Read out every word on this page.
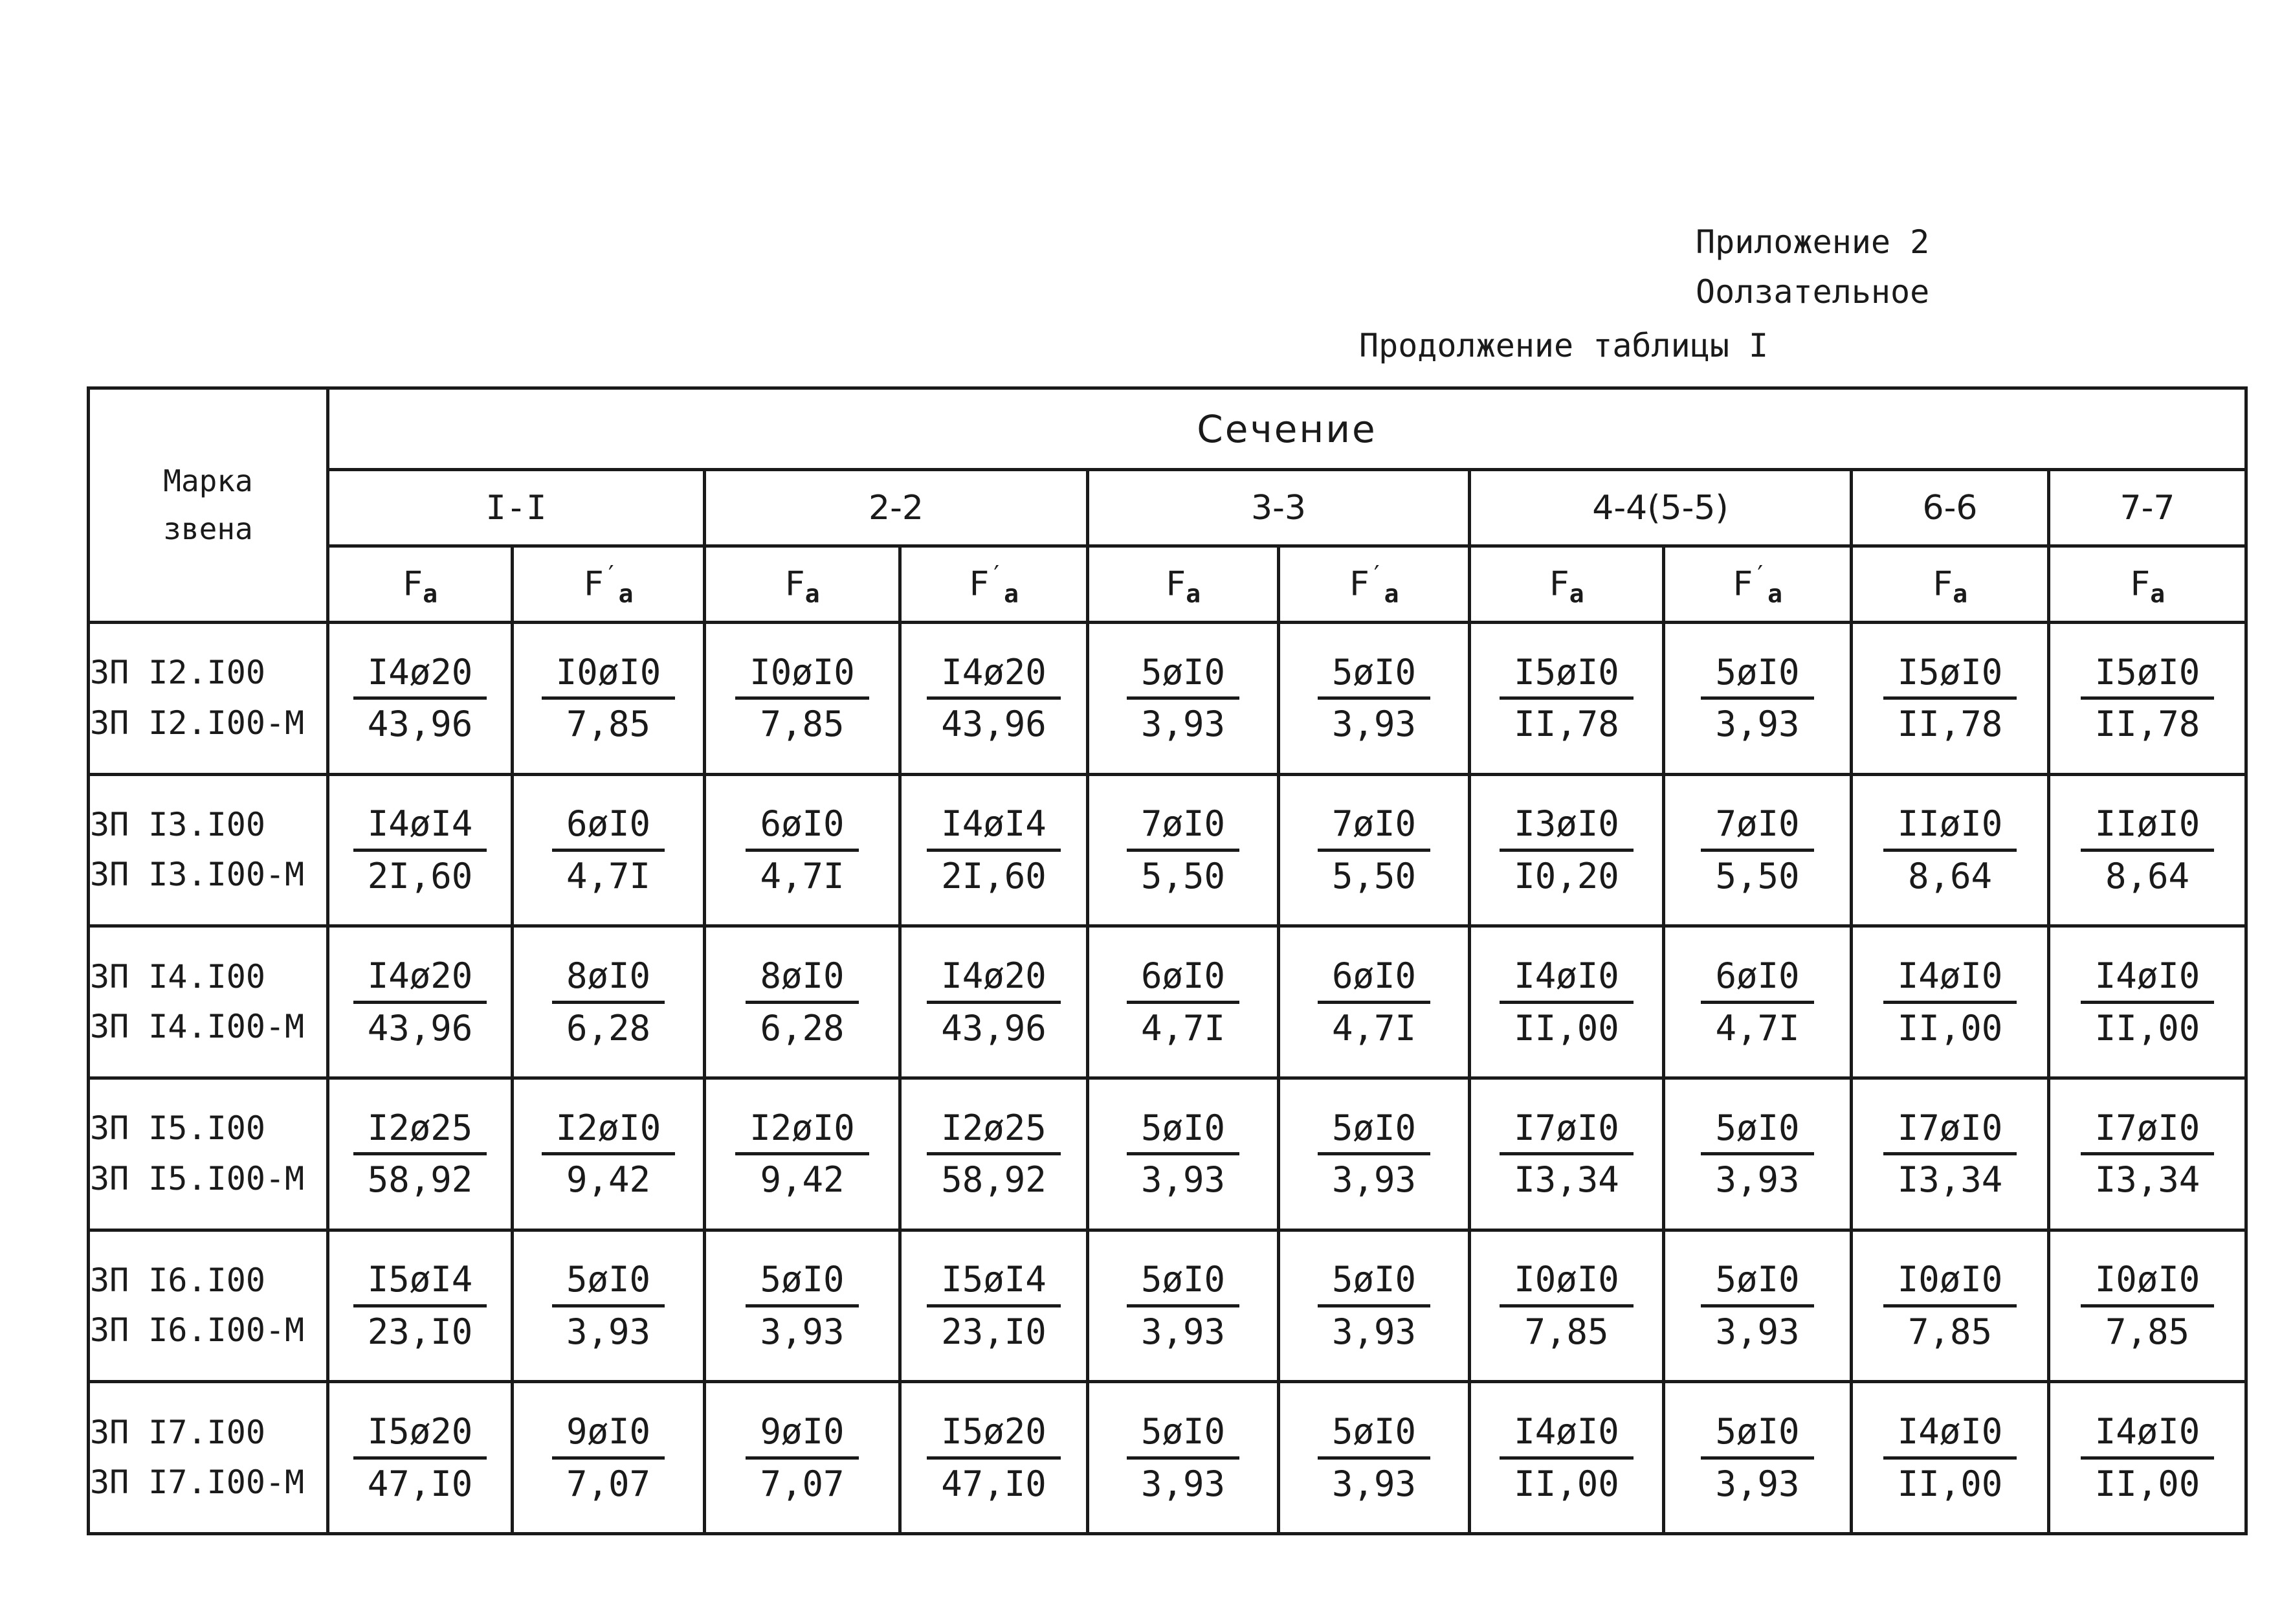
Приложение 2
Оолзательное
Продолжение таблицы I
Марка
звена	Сечение									
	I-I		2-2		3-3		4-4(5-5)		6-6	7-7
	$F_a$	$F'_a$	$F_a$	$F'_a$	$F_a$	$F'_a$	$F_a$	$F'_a$	$F_a$	$F_a$
ЗП I2.I00
ЗП I2.I00-М	$\frac{I4ø20}{43,96}$	$\frac{I0øI0}{7,85}$	$\frac{I0øI0}{7,85}$	$\frac{I4ø20}{43,96}$	$\frac{5øI0}{3,93}$	$\frac{5øI0}{3,93}$	$\frac{I5øI0}{II,78}$	$\frac{5øI0}{3,93}$	$\frac{I5øI0}{II,78}$	$\frac{I5øI0}{II,78}$

ЗП I3.I00
ЗП I3.I00-М	$\frac{I4øI4}{2I,60}$	$\frac{6øI0}{4,7I}$	$\frac{6øI0}{4,7I}$	$\frac{I4øI4}{2I,60}$	$\frac{7øI0}{5,50}$	$\frac{7øI0}{5,50}$	$\frac{I3øI0}{I0,20}$	$\frac{7øI0}{5,50}$	$\frac{\text{IIøI0}}{8,64}$	$\frac{\text{IIøI0}}{8,64}$

ЗП I4.I00
ЗП I4.I00-М	$\frac{I4ø20}{43,96}$	$\frac{8øI0}{6,28}$	$\frac{8øI0}{6,28}$	$\frac{I4ø20}{43,96}$	$\frac{6øI0}{4,7I}$	$\frac{6øI0}{4,7I}$	$\frac{I4øI0}{II,00}$	$\frac{6øI0}{4,7I}$	$\frac{I4øI0}{II,00}$	$\frac{I4øI0}{II,00}$

ЗП I5.I00
ЗП I5.I00-М	$\frac{I2ø25}{58,92}$	$\frac{I2øI0}{9,42}$	$\frac{I2øI0}{9,42}$	$\frac{I2ø25}{58,92}$	$\frac{5øI0}{3,93}$	$\frac{5øI0}{3,93}$	$\frac{I7øI0}{I3,34}$	$\frac{5øI0}{3,93}$	$\frac{I7øI0}{I3,34}$	$\frac{I7øI0}{I3,34}$

ЗП I6.I00
ЗП I6.I00-М	$\frac{I5øI4}{23,I0}$	$\frac{5øI0}{3,93}$	$\frac{5øI0}{3,93}$	$\frac{I5øI4}{23,I0}$	$\frac{5øI0}{3,93}$	$\frac{5øI0}{3,93}$	$\frac{I0øI0}{7,85}$	$\frac{5øI0}{3,93}$	$\frac{I0øI0}{7,85}$	$\frac{I0øI0}{7,85}$

ЗП I7.I00
ЗП I7.I00-М	$\frac{I5ø20}{47,I0}$	$\frac{9øI0}{7,07}$	$\frac{9øI0}{7,07}$	$\frac{I5ø20}{47,I0}$	$\frac{5øI0}{3,93}$	$\frac{5øI0}{3,93}$	$\frac{I4øI0}{II,00}$	$\frac{5øI0}{3,93}$	$\frac{I4øI0}{II,00}$	$\frac{I4øI0}{II,00}$
